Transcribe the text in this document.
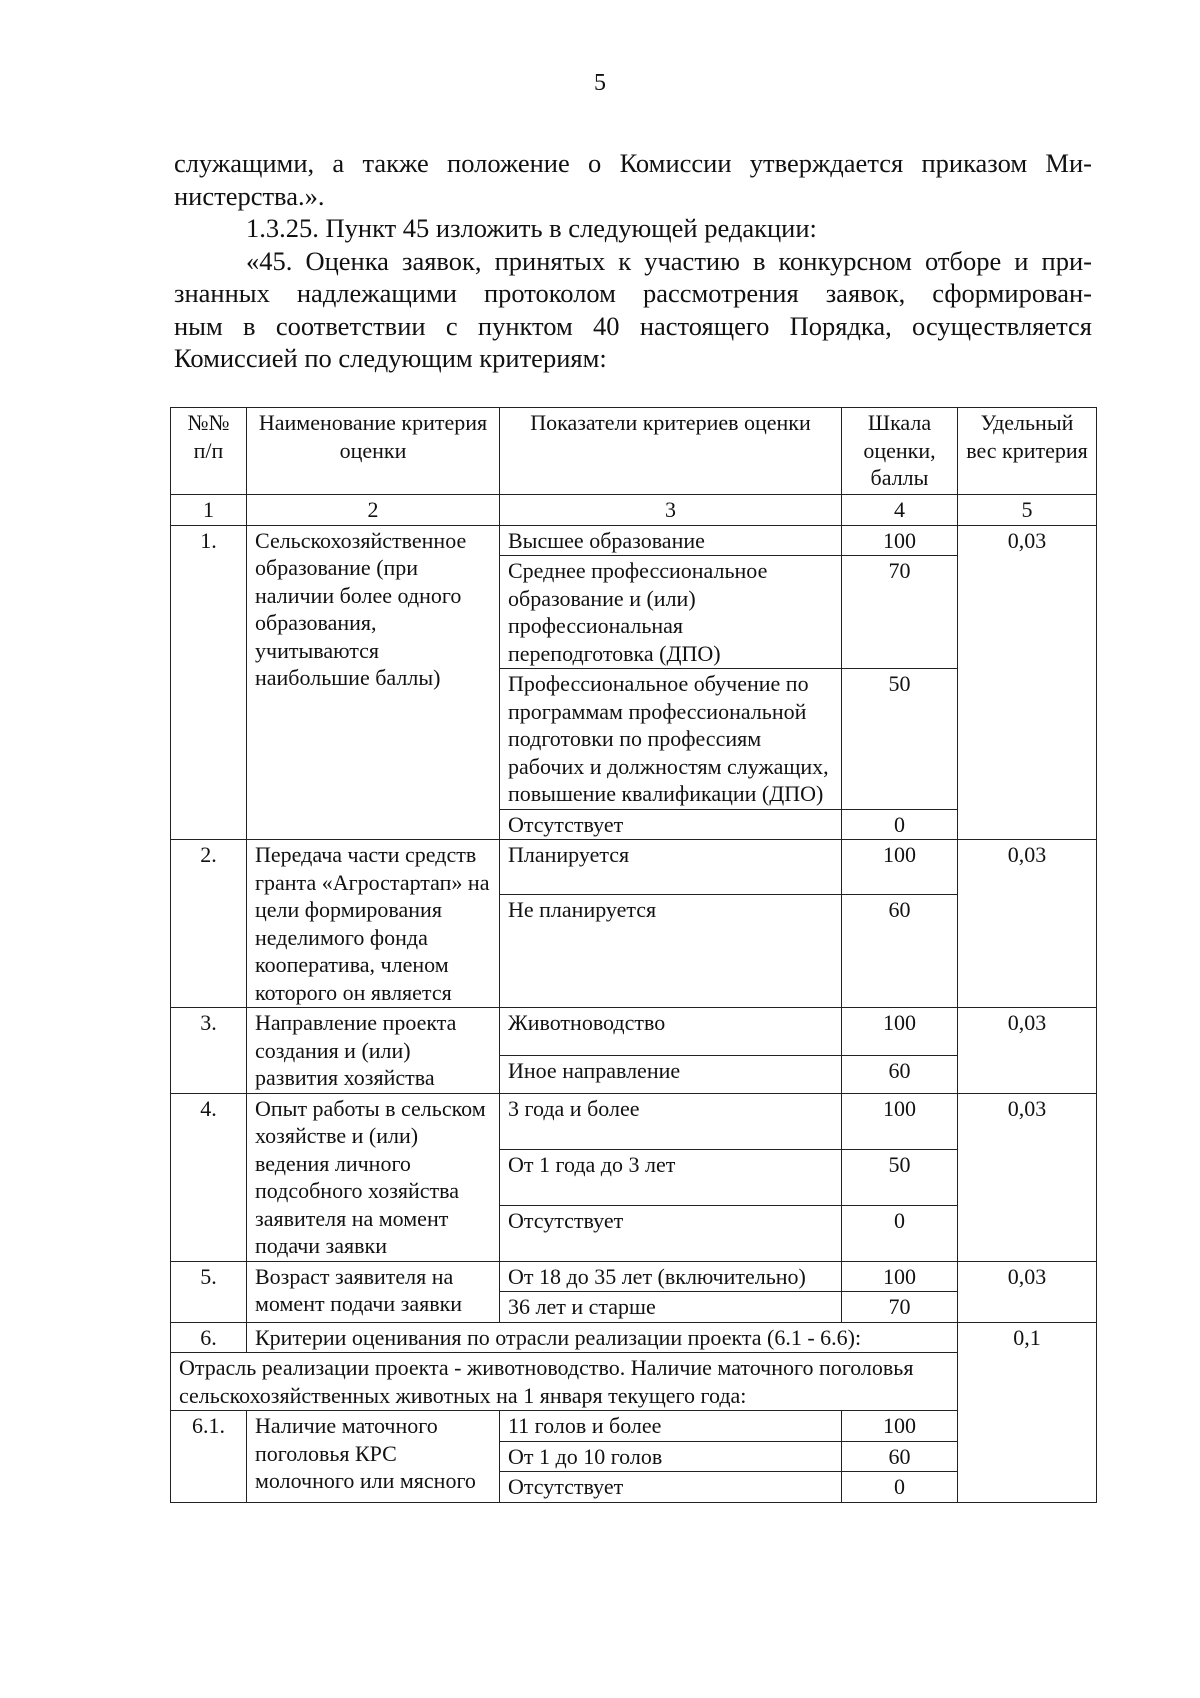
5

служащими, а также положение о Комиссии утверждается приказом Ми-

нистерства.».

1.3.25. Пункт 45 изложить в следующей редакции:

«45. Оценка заявок, принятых к участию в конкурсном отборе и при-

знанных надлежащими протоколом рассмотрения заявок, сформирован-

ным в соответствии с пунктом 40 настоящего Порядка, осуществляется

Комиссией по следующим критериям:

№№ п/п	Наименование критерия оценки	Показатели критериев оценки	Шкала оценки, баллы	Удельный вес критерия
1	2	3	4	5
1.	Сельскохозяйственное образование (при наличии более одного образования, учитываются наибольшие баллы)	Высшее образование	100	0,03
		Среднее профессиональное образование и (или) профессиональная переподготовка (ДПО)	70	
		Профессиональное обучение по программам профессиональной подготовки по профессиям рабочих и должностям служащих, повышение квалификации (ДПО)	50	
		Отсутствует	0	
2.	Передача части средств гранта «Агростартап» на цели формирования неделимого фонда кооператива, членом которого он является	Планируется	100	0,03
		Не планируется	60	
3.	Направление проекта создания и (или) развития хозяйства	Животноводство	100	0,03
		Иное направление	60	
4.	Опыт работы в сельском хозяйстве и (или) ведения личного подсобного хозяйства заявителя на момент подачи заявки	3 года и более	100	0,03
		От 1 года до 3 лет	50	
		Отсутствует	0	
5.	Возраст заявителя на момент подачи заявки	От 18 до 35 лет (включительно)	100	0,03
		36 лет и старше	70	
6.	Критерии оценивания по отрасли реализации проекта (6.1 - 6.6):			0,1
Отрасль реализации проекта - животноводство. Наличие маточного поголовья сельскохозяйственных животных на 1 января текущего года:				
6.1.	Наличие маточного поголовья КРС молочного или мясного	11 голов и более	100	
		От 1 до 10 голов	60	
		Отсутствует	0	
